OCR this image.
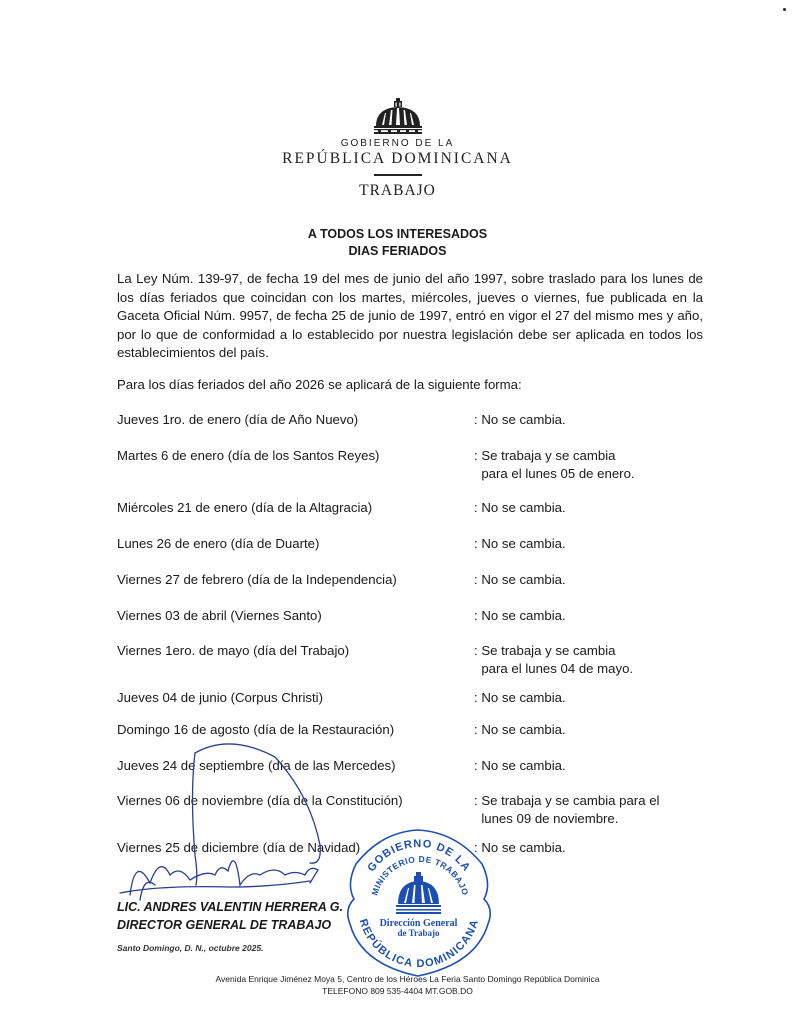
GOBIERNO DE LA
REPÚBLICA DOMINICANA
TRABAJO
A TODOS LOS INTERESADOS
DIAS FERIADOS
La Ley Núm. 139-97, de fecha 19 del mes de junio del año 1997, sobre traslado para los lunes de los días feriados que coincidan con los martes, miércoles, jueves o viernes, fue publicada en la Gaceta Oficial Núm. 9957, de fecha 25 de junio de 1997, entró en vigor el 27 del mismo mes y año, por lo que de conformidad a lo establecido por nuestra legislación debe ser aplicada en todos los establecimientos del país.
Para los días feriados del año 2026 se aplicará de la siguiente forma:
Jueves 1ro. de enero (día de Año Nuevo)	: No se cambia.
Martes 6 de enero (día de los Santos Reyes)	: Se trabaja y se cambia
para el lunes 05 de enero.
Miércoles 21 de enero (día de la Altagracia)	: No se cambia.
Lunes 26 de enero (día de Duarte)	: No se cambia.
Viernes 27 de febrero (día de la Independencia)	: No se cambia.
Viernes 03 de abril (Viernes Santo)	: No se cambia.
Viernes 1ero. de mayo (día del Trabajo)	: Se trabaja y se cambia
para el lunes 04 de mayo.
Jueves 04 de junio (Corpus Christi)	: No se cambia.
Domingo 16 de agosto (día de la Restauración)	: No se cambia.
Jueves 24 de septiembre (día de las Mercedes)	: No se cambia.
Viernes 06 de noviembre (día de la Constitución)	: Se trabaja y se cambia para el
lunes 09 de noviembre.
Viernes 25 de diciembre (día de Navidad)	: No se cambia.
LIC. ANDRES VALENTIN HERRERA G.
DIRECTOR GENERAL DE TRABAJO
Santo Domingo, D. N., octubre 2025.
GOBIERNO DE LA
MINISTERIO DE TRABAJO
REPÚBLICA DOMINICANA
Dirección General
de Trabajo
Avenida Enrique Jiménez Moya 5, Centro de los Héroes La Feria Santo Domingo República Dominica
TELEFONO 809 535-4404 MT.GOB.DO
